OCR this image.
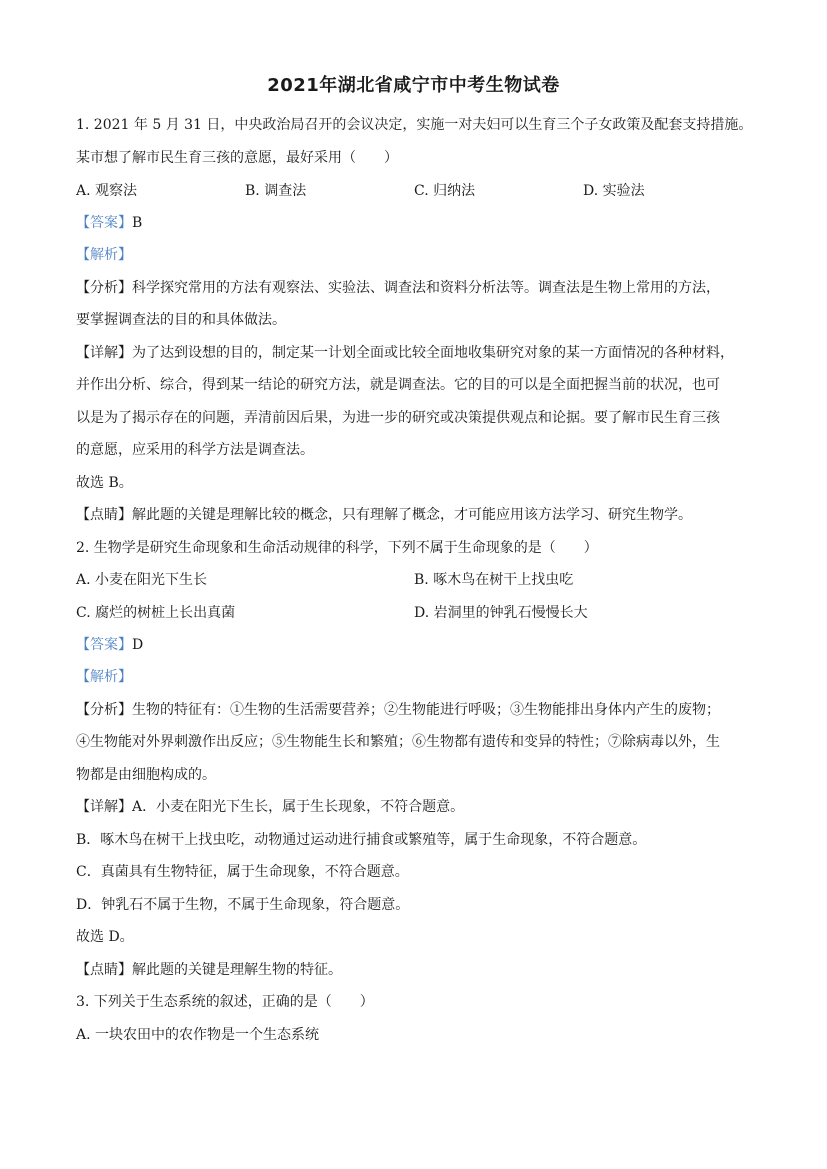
2021年湖北省咸宁市中考生物试卷
1. 2021 年 5 月 31 日，中央政治局召开的会议决定，实施一对夫妇可以生育三个子女政策及配套支持措施。
某市想了解市民生育三孩的意愿，最好采用（　　）
A. 观察法	B. 调查法	C. 归纳法	D. 实验法
【答案】B
【解析】
【分析】科学探究常用的方法有观察法、实验法、调查法和资料分析法等。调查法是生物上常用的方法，
要掌握调查法的目的和具体做法。
【详解】为了达到设想的目的，制定某一计划全面或比较全面地收集研究对象的某一方面情况的各种材料，
并作出分析、综合，得到某一结论的研究方法，就是调查法。它的目的可以是全面把握当前的状况，也可
以是为了揭示存在的问题，弄清前因后果，为进一步的研究或决策提供观点和论据。要了解市民生育三孩
的意愿，应采用的科学方法是调查法。
故选 B。
【点睛】解此题的关键是理解比较的概念，只有理解了概念，才可能应用该方法学习、研究生物学。
2. 生物学是研究生命现象和生命活动规律的科学，下列不属于生命现象的是（　　）
A. 小麦在阳光下生长	B. 啄木鸟在树干上找虫吃
C. 腐烂的树桩上长出真菌	D. 岩洞里的钟乳石慢慢长大
【答案】D
【解析】
【分析】生物的特征有：①生物的生活需要营养；②生物能进行呼吸；③生物能排出身体内产生的废物；
④生物能对外界刺激作出反应；⑤生物能生长和繁殖；⑥生物都有遗传和变异的特性；⑦除病毒以外，生
物都是由细胞构成的。
【详解】A．小麦在阳光下生长，属于生长现象，不符合题意。
B．啄木鸟在树干上找虫吃，动物通过运动进行捕食或繁殖等，属于生命现象，不符合题意。
C．真菌具有生物特征，属于生命现象，不符合题意。
D．钟乳石不属于生物，不属于生命现象，符合题意。
故选 D。
【点睛】解此题的关键是理解生物的特征。
3. 下列关于生态系统的叙述，正确的是（　　）
A. 一块农田中的农作物是一个生态系统
